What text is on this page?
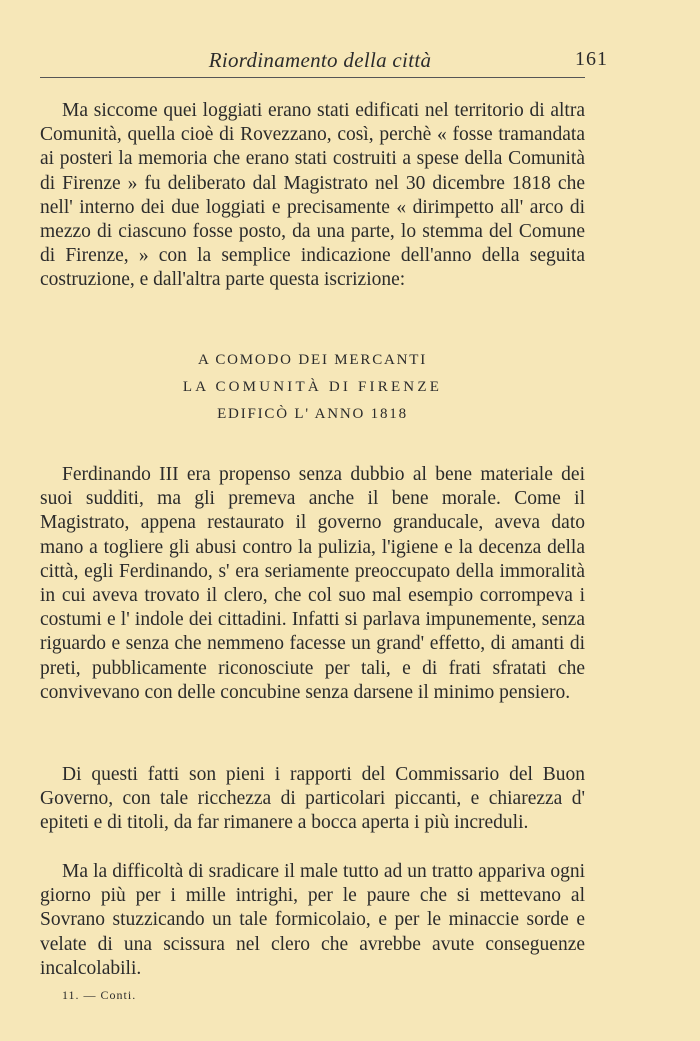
Riordinamento della città	161

Ma siccome quei loggiati erano stati edificati nel territorio di altra Comunità, quella cioè di Rovezzano, così, perchè « fosse tramandata ai posteri la memoria che erano stati costruiti a spese della Comunità di Firenze » fu deliberato dal Magistrato nel 30 dicembre 1818 che nell' interno dei due loggiati e precisamente « dirimpetto all' arco di mezzo di ciascuno fosse posto, da una parte, lo stemma del Comune di Firenze, » con la semplice indicazione dell'anno della seguita costruzione, e dall'altra parte questa iscrizione:

A COMODO DEI MERCANTI
LA COMUNITÀ DI FIRENZE
EDIFICÒ L' ANNO 1818

Ferdinando III era propenso senza dubbio al bene materiale dei suoi sudditi, ma gli premeva anche il bene morale. Come il Magistrato, appena restaurato il governo granducale, aveva dato mano a togliere gli abusi contro la pulizia, l'igiene e la decenza della città, egli Ferdinando, s' era seriamente preoccupato della immoralità in cui aveva trovato il clero, che col suo mal esempio corrompeva i costumi e l' indole dei cittadini. Infatti si parlava impunemente, senza riguardo e senza che nemmeno facesse un grand' effetto, di amanti di preti, pubblicamente riconosciute per tali, e di frati sfratati che convivevano con delle concubine senza darsene il minimo pensiero.

Di questi fatti son pieni i rapporti del Commissario del Buon Governo, con tale ricchezza di particolari piccanti, e chiarezza d' epiteti e di titoli, da far rimanere a bocca aperta i più increduli.

Ma la difficoltà di sradicare il male tutto ad un tratto appariva ogni giorno più per i mille intrighi, per le paure che si mettevano al Sovrano stuzzicando un tale formicolaio, e per le minaccie sorde e velate di una scissura nel clero che avrebbe avute conseguenze incalcolabili.

11. — Conti.
